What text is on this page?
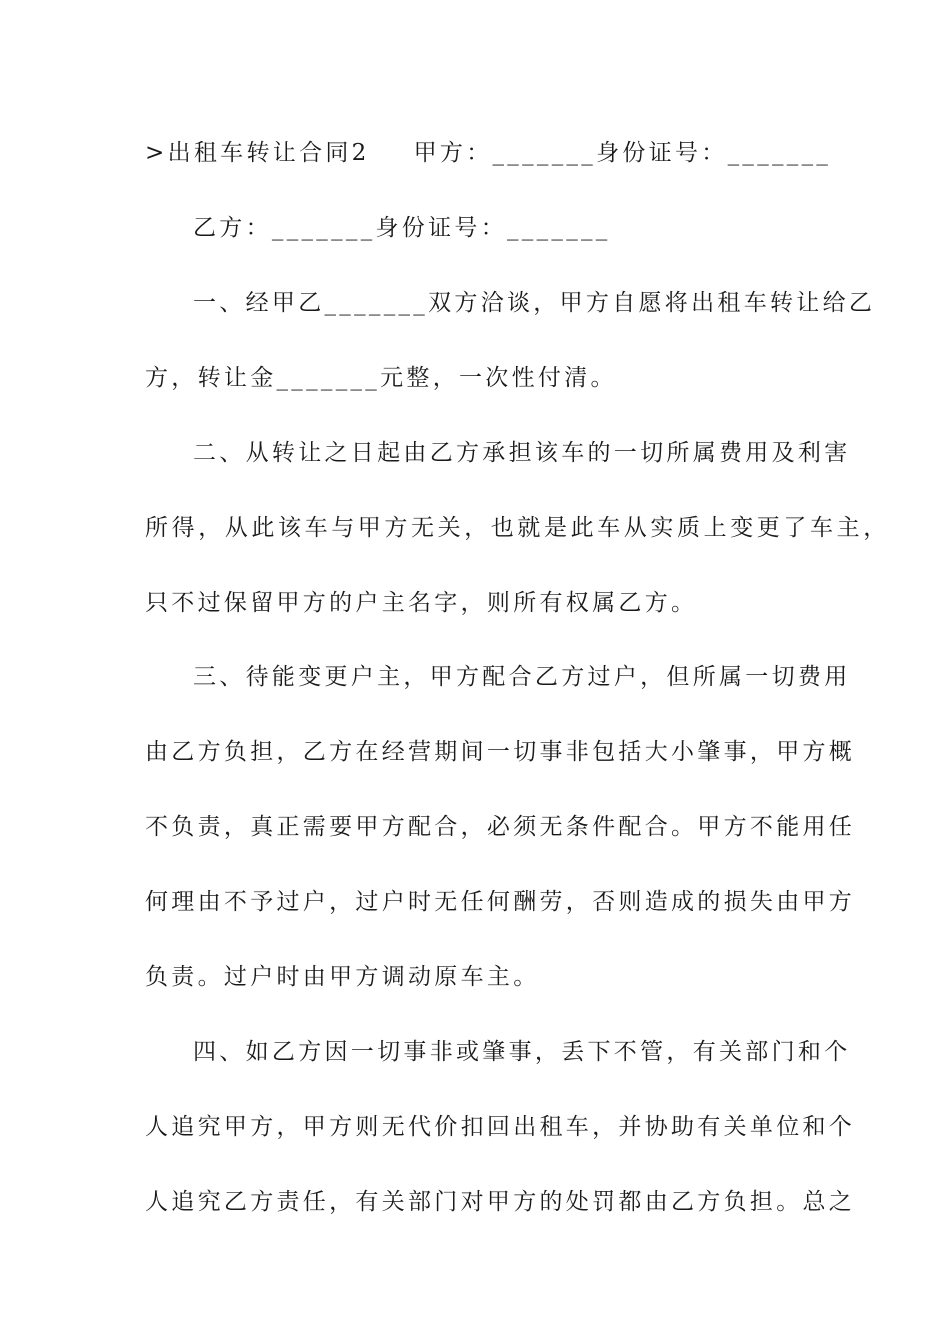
>出租车转让合同2 甲方：_______身份证号：_______
乙方：_______身份证号：_______
一、经甲乙_______双方洽谈，甲方自愿将出租车转让给乙
方，转让金_______元整，一次性付清。
二、从转让之日起由乙方承担该车的一切所属费用及利害
所得，从此该车与甲方无关，也就是此车从实质上变更了车主，
只不过保留甲方的户主名字，则所有权属乙方。
三、待能变更户主，甲方配合乙方过户，但所属一切费用
由乙方负担，乙方在经营期间一切事非包括大小肇事，甲方概
不负责，真正需要甲方配合，必须无条件配合。甲方不能用任
何理由不予过户，过户时无任何酬劳，否则造成的损失由甲方
负责。过户时由甲方调动原车主。
四、如乙方因一切事非或肇事，丢下不管，有关部门和个
人追究甲方，甲方则无代价扣回出租车，并协助有关单位和个
人追究乙方责任，有关部门对甲方的处罚都由乙方负担。总之
